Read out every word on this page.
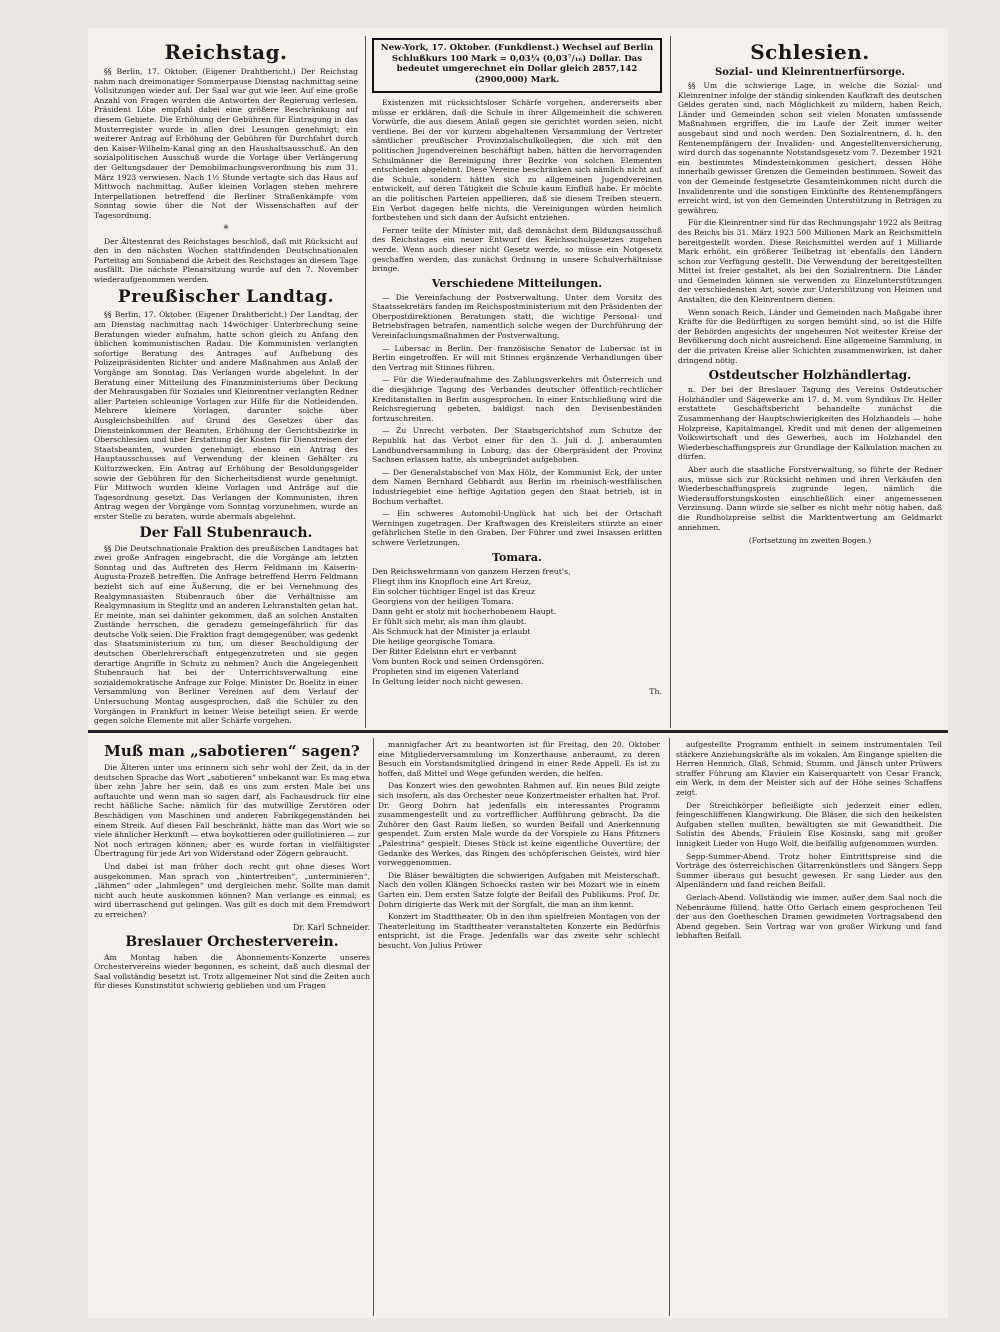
Reichstag.

§§ Berlin, 17. Oktober. (Eigener Drahtbericht.) Der Reichstag nahm nach dreimonatiger Sommerpause Dienstag nachmittag seine Vollsitzungen wieder auf. Der Saal war gut wie leer. Auf eine große Anzahl von Fragen wurden die Antworten der Regierung verlesen. Präsident Löbe empfahl dabei eine größere Beschränkung auf diesem Gebiete. Die Erhöhung der Gebühren für Eintragung in das Musterregister wurde in allen drei Lesungen genehmigt; ein weiterer Antrag auf Erhöhung der Gebühren für Durchfahrt durch den Kaiser-Wilhelm-Kanal ging an den Haushaltsausschuß. An den sozialpolitischen Ausschuß wurde die Vorlage über Verlängerung der Geltungsdauer der Demobilmachungsverordnung bis zum 31. März 1923 verwiesen. Nach 1½ Stunde vertagte sich das Haus auf Mittwoch nachmittag. Außer kleinen Vorlagen stehen mehrere Interpellationen betreffend die Berliner Straßenkämpfe vom Sonntag sowie über die Not der Wissenschaften auf der Tagesordnung.

*

Der Ältestenrat des Reichstages beschloß, daß mit Rücksicht auf den in den nächsten Wochen stattfindenden Deutschnationalen Parteitag am Sonnabend die Arbeit des Reichstages an diesem Tage ausfällt. Die nächste Plenarsitzung wurde auf den 7. November wiederaufgenommen werden.

Preußischer Landtag.

§§ Berlin, 17. Oktober. (Eigener Drahtbericht.) Der Landtag, der am Dienstag nachmittag nach 14wöchiger Unterbrechung seine Beratungen wieder aufnahm, hatte schon gleich zu Anfang den üblichen kommunistischen Radau. Die Kommunisten verlangten sofortige Beratung des Antrages auf Aufhebung des Polizeipräsidenten Richter und andere Maßnahmen aus Anlaß der Vorgänge am Sonntag. Das Verlangen wurde abgelehnt. In der Beratung einer Mitteilung des Finanzministeriums über Deckung der Mehrausgaben für Soziales und Kleinrentner verlangten Redner aller Parteien schleunige Vorlagen zur Hilfe für die Notleidenden. Mehrere kleinere Vorlagen, darunter solche über Ausgleichsbeihilfen auf Grund des Gesetzes über das Diensteinkommen der Beamten, Erhöhung der Gerichtsbezirke in Oberschlesien und über Erstattung der Kosten für Dienstreisen der Staatsbeamten, wurden genehmigt, ebenso ein Antrag des Hauptausschusses auf Verwendung der kleinen Gehälter zu Kulturzwecken. Ein Antrag auf Erhöhung der Besoldungsgelder sowie der Gebühren für den Sicherheitsdienst wurde genehmigt. Für Mittwoch wurden kleine Vorlagen und Anträge auf die Tagesordnung gesetzt. Das Verlangen der Kommunisten, ihren Antrag wegen der Vorgänge vom Sonntag vorzunehmen, wurde an erster Stelle zu beraten, wurde abermals abgelehnt.

Der Fall Stubenrauch.

§§ Die Deutschnationale Fraktion des preußischen Landtages hat zwei große Anfragen eingebracht, die die Vorgänge am letzten Sonntag und das Auftreten des Herrn Feldmann im Kaiserin-Augusta-Prozeß betreffen. Die Anfrage betreffend Herrn Feldmann bezieht sich auf eine Äußerung, die er bei Vernehmung des Realgymnasiasten Stubenrauch über die Verhältnisse am Realgymnasium in Steglitz und an anderen Lehranstalten getan hat. Er meinte, man sei dahinter gekommen, daß an solchen Anstalten Zustände herrschen, die geradezu gemeingefährlich für das deutsche Volk seien. Die Fraktion fragt demgegenüber, was gedenkt das Staatsministerium zu tun, um dieser Beschuldigung der deutschen Oberlehrerschaft entgegenzutreten und sie gegen derartige Angriffe in Schutz zu nehmen? Auch die Angelegenheit Stubenrauch hat bei der Unterrichtsverwaltung eine sozialdemokratische Anfrage zur Folge. Minister Dr. Boelitz in einer Versammlung von Berliner Vereinen auf dem Verlauf der Untersuchung Montag ausgesprochen, daß die Schüler zu den Vorgängen in Frankfurt in keiner Weise beteiligt seien. Er werde gegen solche Elemente mit aller Schärfe vorgehen.

New-York, 17. Oktober. (Funkdienst.) Wechsel auf Berlin Schlußkurs 100 Mark = 0,03¼ (0,03⁷/₁₆) Dollar. Das bedeutet umgerechnet ein Dollar gleich 2857,142 (2900,000) Mark.

Existenzen mit rücksichtsloser Schärfe vorgehen, andererseits aber müsse er erklären, daß die Schule in ihrer Allgemeinheit die schweren Vorwürfe, die aus diesem Anlaß gegen sie gerichtet worden seien, nicht verdiene. Bei der vor kurzem abgehaltenen Versammlung der Vertreter sämtlicher preußischer Provinzialschulkollegien, die sich mit den politischen Jugendvereinen beschäftigt haben, hätten die hervorragenden Schulmänner die Bereinigung ihrer Bezirke von solchen Elementen entschieden abgelehnt. Diese Vereine beschränken sich nämlich nicht auf die Schule, sondern hätten sich zu allgemeinen Jugendvereinen entwickelt, auf deren Tätigkeit die Schule kaum Einfluß habe. Er möchte an die politischen Parteien appellieren, daß sie diesem Treiben steuern. Ein Verbot dagegen helfe nichts, die Vereinigungen würden heimlich fortbestehen und sich dann der Aufsicht entziehen.

Ferner teilte der Minister mit, daß demnächst dem Bildungsausschuß des Reichstages ein neuer Entwurf des Reichsschulgesetzes zugehen werde. Wenn auch dieser nicht Gesetz werde, so müsse ein Notgesetz geschaffen werden, das zunächst Ordnung in unsere Schulverhältnisse bringe.

Verschiedene Mitteilungen.

— Die Vereinfachung der Postverwaltung. Unter dem Vorsitz des Staatssekretärs fanden im Reichspostministerium mit den Präsidenten der Oberpostdirektionen Beratungen statt, die wichtige Personal- und Betriebsfragen betrafen, namentlich solche wegen der Durchführung der Vereinfachungsmaßnahmen der Postverwaltung.

— Lubersac in Berlin. Der französische Senator de Lubersac ist in Berlin eingetroffen. Er will mit Stinnes ergänzende Verhandlungen über den Vertrag mit Stinnes führen.

— Für die Wiederaufnahme des Zahlungsverkehrs mit Österreich und die diesjährige Tagung des Verbandes deutscher öffentlich-rechtlicher Kreditanstalten in Berlin ausgesprochen. In einer Entschließung wird die Reichsregierung gebeten, baldigst nach den Devisenbeständen fortzuschreiten.

— Zu Unrecht verboten. Der Staatsgerichtshof zum Schutze der Republik hat das Verbot einer für den 3. Juli d. J. anberaumten Landbundversammlung in Loburg, das der Oberpräsident der Provinz Sachsen erlassen hatte, als unbegründet aufgehoben.

— Der Generalstabschef von Max Hölz, der Kommunist Eck, der unter dem Namen Bernhard Gebhardt aus Berlin im rheinisch-westfälischen Industriegebiet eine heftige Agitation gegen den Staat betrieb, ist in Bochum verhaftet.

— Ein schweres Automobil-Unglück hat sich bei der Ortschaft Werningen zugetragen. Der Kraftwagen des Kreisleiters stürzte an einer gefährlichen Stelle in den Graben. Der Führer und zwei Insassen erlitten schwere Verletzungen.

Tomara.

Den Reichswehrmann von ganzem Herzen freut's,

Fliegt ihm ins Knopfloch eine Art Kreuz,

Ein solcher tüchtiger Engel ist das Kreuz

Georgiens von der heiligen Tomara.

Dann geht er stolz mit hocherhobenem Haupt.

Er fühlt sich mehr, als man ihm glaubt.

Als Schmuck hat der Minister ja erlaubt

Die heilige georgische Tomara.

Der Ritter Edelsinn ehrt er verbannt

Vom bunten Rock und seinen Ordensgören.

Propheten sind im eigenen Vaterland

In Geltung leider noch nicht gewesen.

Th.

Schlesien.
Sozial- und Kleinrentnerfürsorge.

§§ Um die schwierige Lage, in welche die Sozial- und Kleinrentner infolge der ständig sinkenden Kaufkraft des deutschen Geldes geraten sind, nach Möglichkeit zu mildern, haben Reich, Länder und Gemeinden schon seit vielen Monaten umfassende Maßnahmen ergriffen, die im Laufe der Zeit immer weiter ausgebaut sind und noch werden. Den Sozialrentnern, d. h. den Rentenempfängern der Invaliden- und Angestelltenversicherung, wird durch das sogenannte Notstandsgesetz vom 7. Dezember 1921 ein bestimmtes Mindesteinkommen gesichert, dessen Höhe innerhalb gewisser Grenzen die Gemeinden bestimmen. Soweit das von der Gemeinde festgesetzte Gesamteinkommen nicht durch die Invalidenrente und die sonstigen Einkünfte des Rentenempfängers erreicht wird, ist von den Gemeinden Unterstützung in Beträgen zu gewähren.

Für die Kleinrentner sind für das Rechnungsjahr 1922 als Beitrag des Reichs bis 31. März 1923 500 Millionen Mark an Reichsmitteln bereitgestellt worden. Diese Reichsmittel werden auf 1 Milliarde Mark erhöht, ein größerer Teilbetrag ist ebenfalls den Ländern schon zur Verfügung gestellt. Die Verwendung der bereitgestellten Mittel ist freier gestaltet, als bei den Sozialrentnern. Die Länder und Gemeinden können sie verwenden zu Einzelunterstützungen der verschiedensten Art, sowie zur Unterstützung von Heimen und Anstalten, die den Kleinrentnern dienen.

Wenn sonach Reich, Länder und Gemeinden nach Maßgabe ihrer Kräfte für die Bedürftigen zu sorgen bemüht sind, so ist die Hilfe der Behörden angesichts der ungeheuren Not weitester Kreise der Bevölkerung doch nicht ausreichend. Eine allgemeine Sammlung, in der die privaten Kreise aller Schichten zusammenwirken, ist daher dringend nötig.

Ostdeutscher Holzhändlertag.

n. Der bei der Breslauer Tagung des Vereins Ostdeutscher Holzhändler und Sägewerke am 17. d. M. vom Syndikus Dr. Heller erstattete Geschäftsbericht behandelte zunächst die Zusammenhang der Hauptschwierigkeiten des Holzhandels — hohe Holzpreise, Kapitalmangel, Kredit und mit denen der allgemeinen Volkswirtschaft und des Gewerbes, auch im Holzhandel den Wiederbeschaffungspreis zur Grundlage der Kalkulation machen zu dürfen.

Aber auch die staatliche Forstverwaltung, so führte der Redner aus, müsse sich zur Rücksicht nehmen und ihren Verkäufen den Wiederbeschaffungspreis zugrunde legen, nämlich die Wiederaufforstungskosten einschließlich einer angemessenen Verzinsung. Dann würde sie selber es nicht mehr nötig haben, daß die Rundholzpreise selbst die Marktentwertung am Geldmarkt annehmen.

(Fortsetzung im zweiten Bogen.)
Muß man „sabotieren“ sagen?

Die Älteren unter uns erinnern sich sehr wohl der Zeit, da in der deutschen Sprache das Wort „sabotieren“ unbekannt war. Es mag etwa über zehn Jahre her sein, daß es uns zum ersten Male bei uns auftauchte und wenn man so sagen darf, als Fachausdruck für eine recht häßliche Sache: nämlich für das mutwillige Zerstören oder Beschädigen von Maschinen und anderen Fabrikgegenständen bei einem Streik. Auf diesen Fall beschränkt, hätte man das Wort wie so viele ähnlicher Herkunft — etwa boykottieren oder guillotinieren — zur Not noch ertragen können; aber es wurde fortan in vielfältigster Übertragung für jede Art von Widerstand oder Zögern gebraucht.

Und dabei ist man früher doch recht gut ohne dieses Wort ausgekommen. Man sprach von „hintertreiben“, „unterminieren“, „lähmen“ oder „lahmlegen“ und dergleichen mehr. Sollte man damit nicht auch heute auskommen können? Man verlange es einmal; es wird überraschend gut gelingen. Was gilt es doch mit dem Fremdwort zu erreichen?

Dr. Karl Schneider.
Breslauer Orchesterverein.

Am Montag haben die Abonnements-Konzerte unseres Orchestervereins wieder begonnen, es scheint, daß auch diesmal der Saal vollständig besetzt ist. Trotz allgemeiner Not sind die Zeiten auch für dieses Kunstinstitut schwierig geblieben und um Fragen

mannigfacher Art zu beantworten ist für Freitag, den 20. Oktober eine Mitgliederversammlung im Konzerthause anberaumt, zu deren Besuch ein Vorstandsmitglied dringend in einer Rede Appell. Es ist zu hoffen, daß Mittel und Wege gefunden werden, die helfen.

Das Konzert wies den gewohnten Rahmen auf. Ein neues Bild zeigte sich insofern, als das Orchester neue Konzertmeister erhalten hat. Prof. Dr. Georg Dohrn hat jedenfalls ein interessantes Programm zusammengestellt und zu vortrefflicher Aufführung gebracht. Da die Zuhörer den Gast Raum ließen, so wurden Beifall und Anerkennung gespendet. Zum ersten Male wurde da der Vorspiele zu Hans Pfitzners „Palestrina“ gespielt. Dieses Stück ist keine eigentliche Ouvertüre; der Gedanke des Werkes, das Ringen des schöpferischen Geistes, wird hier vorweggenommen.

Die Bläser bewältigten die schwierigen Aufgaben mit Meisterschaft. Nach den vollen Klängen Schoecks rasten wir bei Mozart wie in einem Garten ein. Dem ersten Satze folgte der Beifall des Publikums. Prof. Dr. Dohrn dirigierte das Werk mit der Sorgfalt, die man an ihm kennt.

Konzert im Stadttheater. Ob in den ihm spielfreien Montagen von der Theaterleitung im Stadttheater veranstalteten Konzerte ein Bedürfnis entspricht, ist die Frage. Jedenfalls war das zweite sehr schlecht besucht. Von Julius Prüwer

aufgestellte Programm enthielt in seinem instrumentalen Teil stärkere Anziehungskräfte als im vokalen. Am Eingange spielten die Herren Hennrich, Glaß, Schmid, Stumm, und Jänsch unter Prüwers straffer Führung am Klavier ein Kaiserquartett von Cesar Franck, ein Werk, in dem der Meister sich auf der Höhe seines Schaffens zeigt.

Der Streichkörper befleißigte sich jederzeit einer edlen, feingeschliffenen Klangwirkung. Die Bläser, die sich den heikelsten Aufgaben stellen mußten, bewältigten sie mit Gewandtheit. Die Solistin des Abends, Fräulein Else Kosinski, sang mit großer Innigkeit Lieder von Hugo Wolf, die beifällig aufgenommen wurden.

Sepp-Summer-Abend. Trotz hoher Eintrittspreise sind die Vorträge des österreichischen Gitarrenkünstlers und Sängers Sepp Summer überaus gut besucht gewesen. Er sang Lieder aus den Alpenländern und fand reichen Beifall.

Gerlach-Abend. Vollständig wie immer, außer dem Saal noch die Nebenräume füllend, hatte Otto Gerlach einem gesprochenen Teil der aus den Goetheschen Dramen gewidmeten Vortragsabend den Abend gegeben. Sein Vortrag war von großer Wirkung und fand lebhaften Beifall.
